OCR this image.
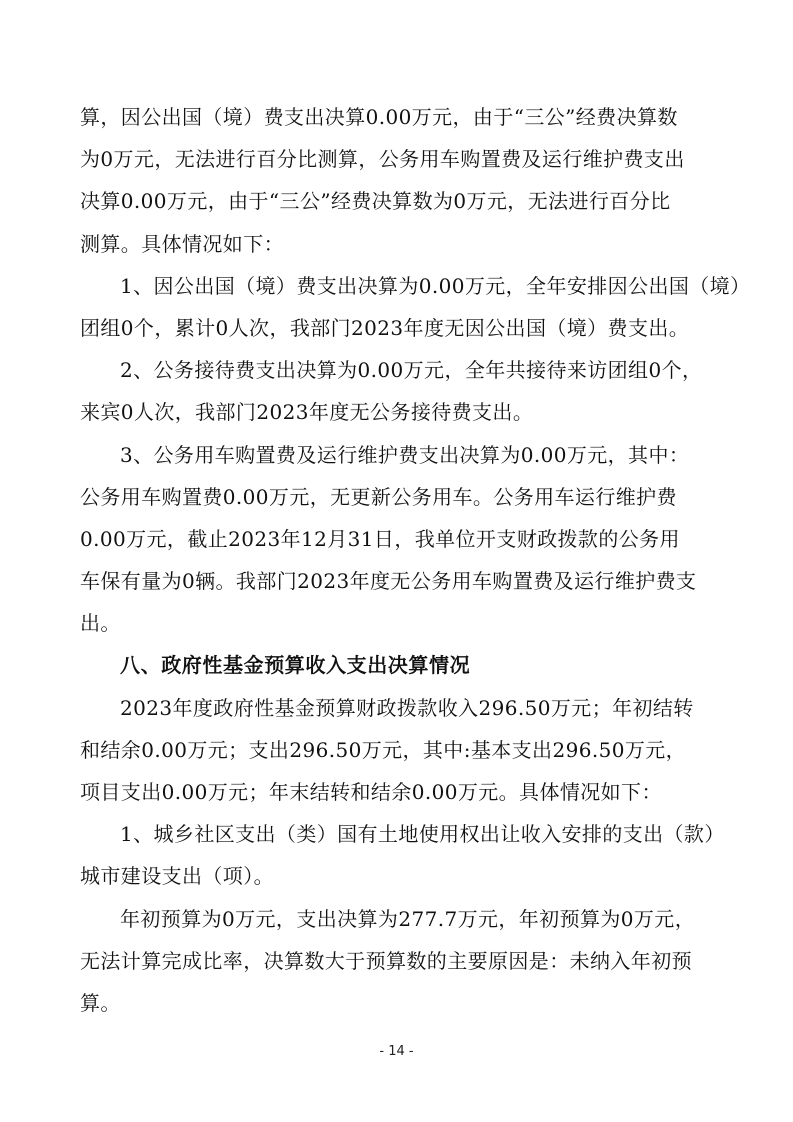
算，因公出国（境）费支出决算0.00万元，由于“三公”经费决算数
为0万元，无法进行百分比测算，公务用车购置费及运行维护费支出
决算0.00万元，由于“三公”经费决算数为0万元，无法进行百分比
测算。具体情况如下：
1、因公出国（境）费支出决算为0.00万元，全年安排因公出国（境）
团组0个，累计0人次，我部门2023年度无因公出国（境）费支出。
2、公务接待费支出决算为0.00万元，全年共接待来访团组0个，
来宾0人次，我部门2023年度无公务接待费支出。
3、公务用车购置费及运行维护费支出决算为0.00万元，其中：
公务用车购置费0.00万元，无更新公务用车。公务用车运行维护费
0.00万元，截止2023年12月31日，我单位开支财政拨款的公务用
车保有量为0辆。我部门2023年度无公务用车购置费及运行维护费支
出。
八、政府性基金预算收入支出决算情况
2023年度政府性基金预算财政拨款收入296.50万元；年初结转
和结余0.00万元；支出296.50万元，其中:基本支出296.50万元，
项目支出0.00万元；年末结转和结余0.00万元。具体情况如下：
1、城乡社区支出（类）国有土地使用权出让收入安排的支出（款）
城市建设支出（项）。
年初预算为0万元，支出决算为277.7万元，年初预算为0万元，
无法计算完成比率，决算数大于预算数的主要原因是：未纳入年初预
算。
- 14 -
